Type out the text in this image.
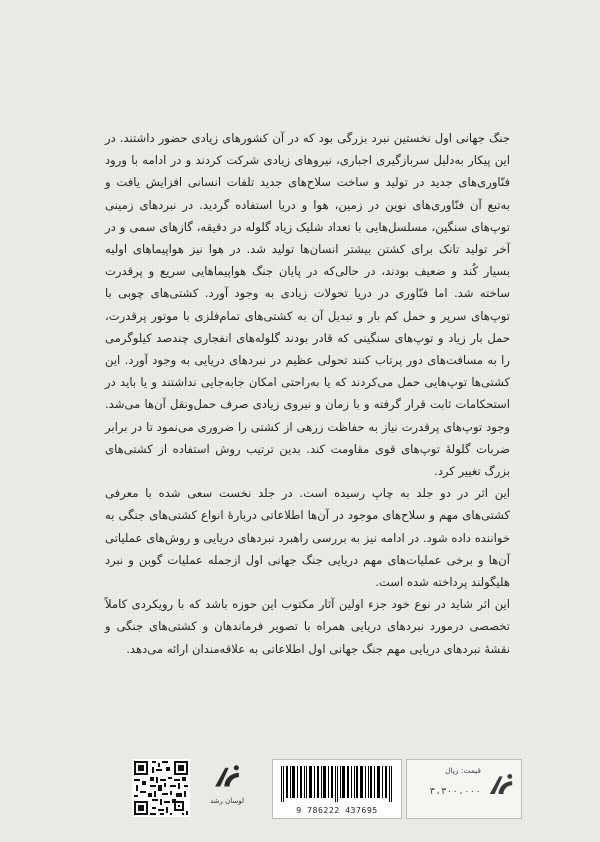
جنگ جهانی اول نخستین نبرد بزرگی بود که در آن کشورهای زیادی حضور داشتند. در این پیکار به‌دلیل سربازگیری اجباری، نیروهای زیادی شرکت کردند و در ادامه با ورود فنّاوری‌های جدید در تولید و ساخت سلاح‌های جدید تلفات انسانی افزایش یافت و به‌تبع آن فنّاوری‌های نوین در زمین، هوا و دریا استفاده گردید. در نبردهای زمینی توپ‌های سنگین، مسلسل‌هایی با تعداد شلیک زیاد گلوله در دقیقه، گازهای سمی و در آخر تولید تانک برای کشتن بیشتر انسان‌ها تولید شد. در هوا نیز هواپیماهای اولیه بسیار کُند و ضعیف بودند، در حالی‌که در پایان جنگ هواپیماهایی سریع و پرقدرت ساخته شد. اما فنّاوری در دریا تحولات زیادی به وجود آورد. کشتی‌های چوبی با توپ‌های سرپر و حمل کم بار و تبدیل آن به کشتی‌های تمام‌فلزی با موتور پرقدرت، حمل بار زیاد و توپ‌های سنگینی که قادر بودند گلوله‌های انفجاری چندصد کیلوگرمی را به مسافت‌های دور پرتاب کنند تحولی عظیم در نبردهای دریایی به وجود آورد. این کشتی‌ها توپ‌هایی حمل می‌کردند که یا به‌راحتی امکان جابه‌جایی نداشتند و یا باید در استحکامات ثابت قرار گرفته و با زمان و نیروی زیادی صرف حمل‌ونقل آن‌ها می‌شد. وجود توپ‌های پرقدرت نیاز به حفاظت زرهی از کشتی را ضروری می‌نمود تا در برابر ضربات گلولهٔ توپ‌های قوی مقاومت کند. بدین ترتیب روش استفاده از کشتی‌های بزرگ تغییر کرد.

این اثر در دو جلد به چاپ رسیده است. در جلد نخست سعی شده با معرفی کشتی‌های مهم و سلاح‌های موجود در آن‌ها اطلاعاتی دربارهٔ انواع کشتی‌های جنگی به خواننده داده شود. در ادامه نیز به بررسی راهبرد نبردهای دریایی و روش‌های عملیاتی آن‌ها و برخی عملیات‌های مهم دریایی جنگ جهانی اول ازجمله عملیات گوبن و نبرد هلیگولند پرداخته شده است.

این اثر شاید در نوع خود جزء اولین آثار مکتوب این حوزه باشد که با رویکردی کاملاً تخصصی درمورد نبردهای دریایی همراه با تصویر فرماندهان و کشتی‌های جنگی و نقشهٔ نبردهای دریایی مهم جنگ جهانی اول اطلاعاتی به علاقه‌مندان ارائه می‌دهد.

لوسان رشد
9 786222 437695
قیمت: ریال
۳،۳۰۰،۰۰۰
